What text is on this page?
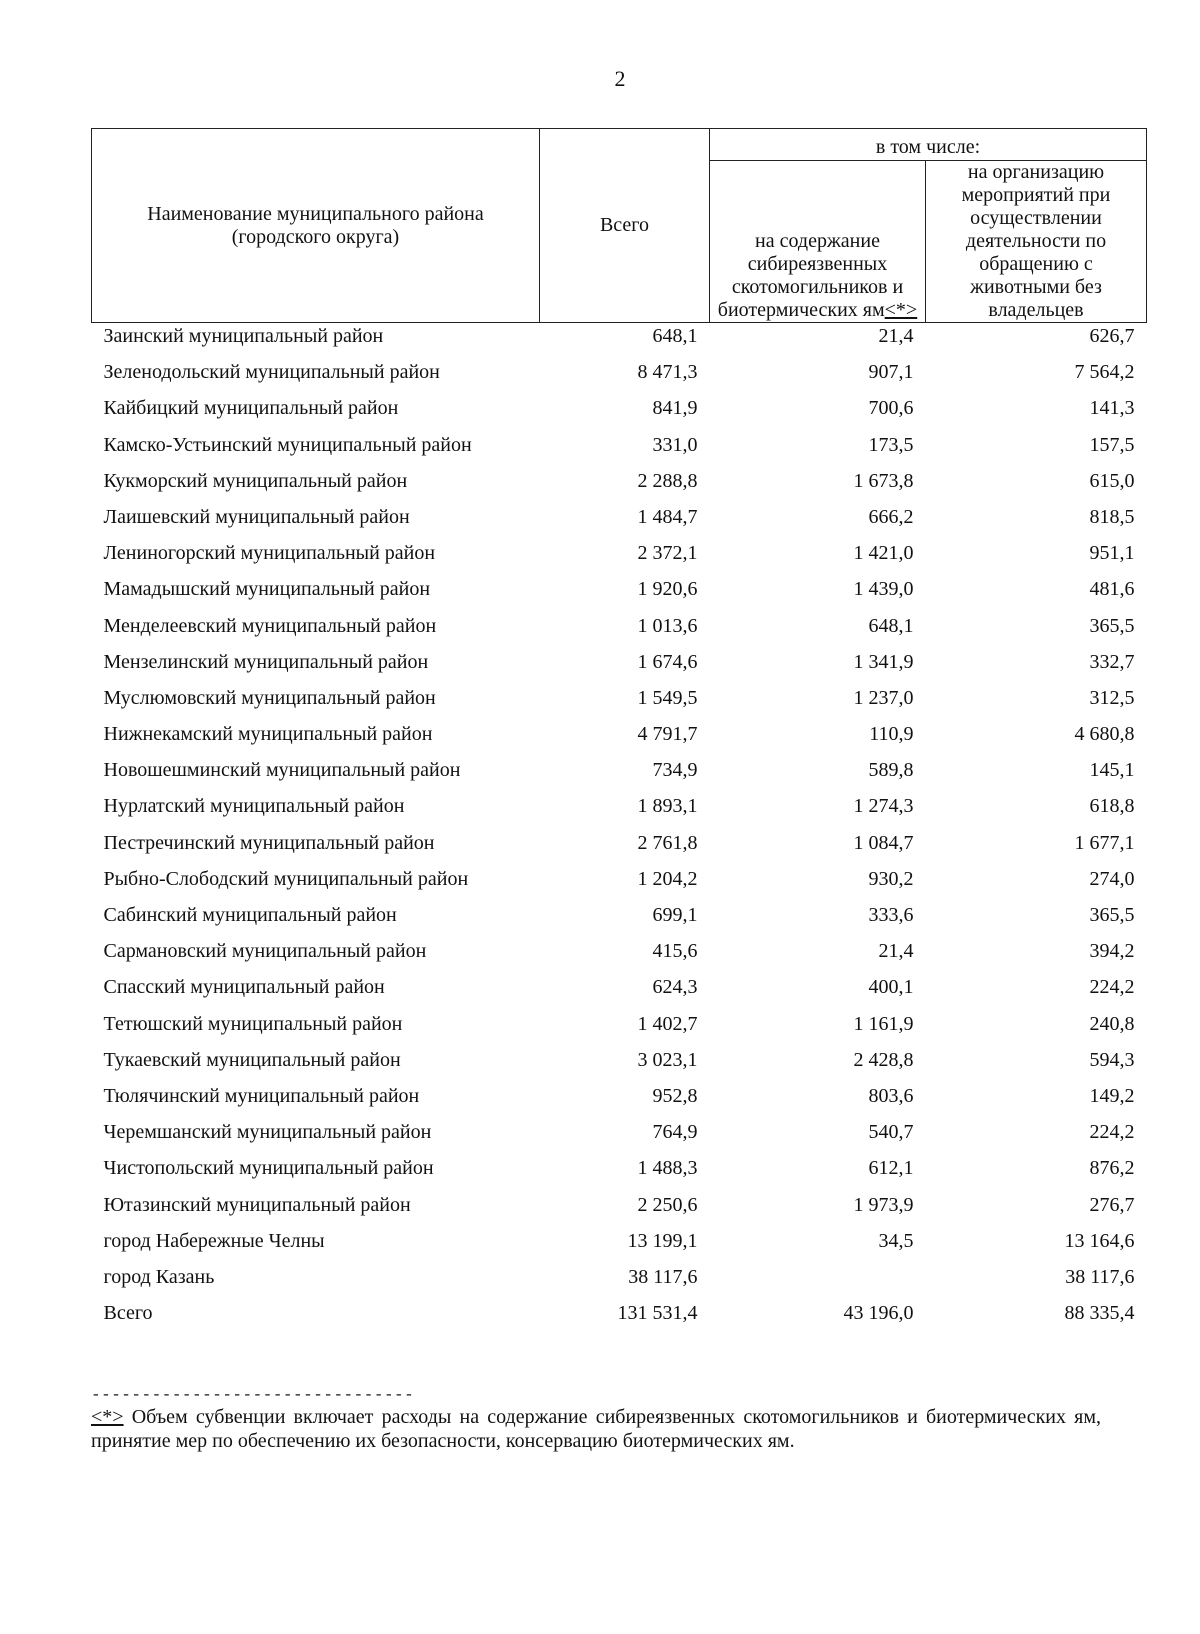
2
Наименование муниципального района (городского округа)	Всего	в том числе:	
		на содержание сибиреязвенных скотомогильников и биотермических ям<*>	на организацию мероприятий при осуществлении деятельности по обращению с животными без владельцев
Заинский муниципальный район	648,1	21,4	626,7
Зеленодольский муниципальный район	8 471,3	907,1	7 564,2
Кайбицкий муниципальный район	841,9	700,6	141,3
Камско-Устьинский муниципальный район	331,0	173,5	157,5
Кукморский муниципальный район	2 288,8	1 673,8	615,0
Лаишевский муниципальный район	1 484,7	666,2	818,5
Лениногорский муниципальный район	2 372,1	1 421,0	951,1
Мамадышский муниципальный район	1 920,6	1 439,0	481,6
Менделеевский муниципальный район	1 013,6	648,1	365,5
Мензелинский муниципальный район	1 674,6	1 341,9	332,7
Муслюмовский муниципальный район	1 549,5	1 237,0	312,5
Нижнекамский муниципальный район	4 791,7	110,9	4 680,8
Новошешминский муниципальный район	734,9	589,8	145,1
Нурлатский муниципальный район	1 893,1	1 274,3	618,8
Пестречинский муниципальный район	2 761,8	1 084,7	1 677,1
Рыбно-Слободский муниципальный район	1 204,2	930,2	274,0
Сабинский муниципальный район	699,1	333,6	365,5
Сармановский муниципальный район	415,6	21,4	394,2
Спасский муниципальный район	624,3	400,1	224,2
Тетюшский муниципальный район	1 402,7	1 161,9	240,8
Тукаевский муниципальный район	3 023,1	2 428,8	594,3
Тюлячинский муниципальный район	952,8	803,6	149,2
Черемшанский муниципальный район	764,9	540,7	224,2
Чистопольский муниципальный район	1 488,3	612,1	876,2
Ютазинский муниципальный район	2 250,6	1 973,9	276,7
город Набережные Челны	13 199,1	34,5	13 164,6
город Казань	38 117,6		38 117,6
Всего	131 531,4	43 196,0	88 335,4
--------------------------------
<*> Объем субвенции включает расходы на содержание сибиреязвенных скотомогильников и биотермических ям, принятие мер по обеспечению их безопасности, консервацию биотермических ям.
